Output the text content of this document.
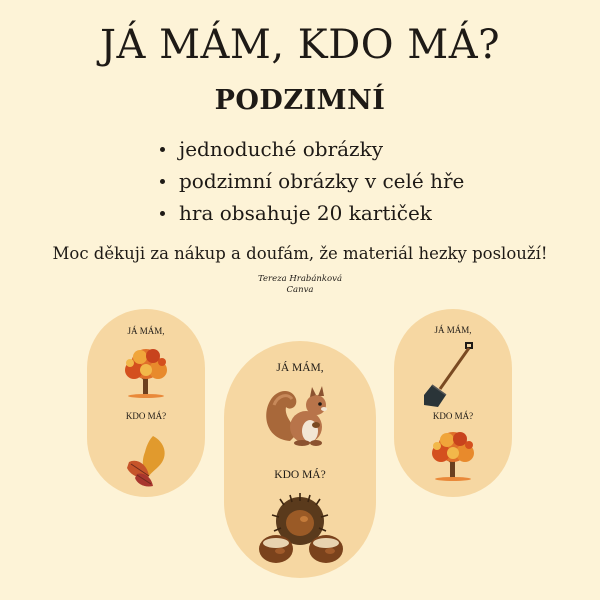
JÁ MÁM, KDO MÁ?
PODZIMNÍ
jednoduché obrázky
podzimní obrázky v celé hře
hra obsahuje 20 kartiček

Moc děkuji za nákup a doufám, že materiál hezky poslouží!

Tereza Hrabánková
Canva
JÁ MÁM,
KDO MÁ?
JÁ MÁM,
KDO MÁ?
JÁ MÁM,
KDO MÁ?
